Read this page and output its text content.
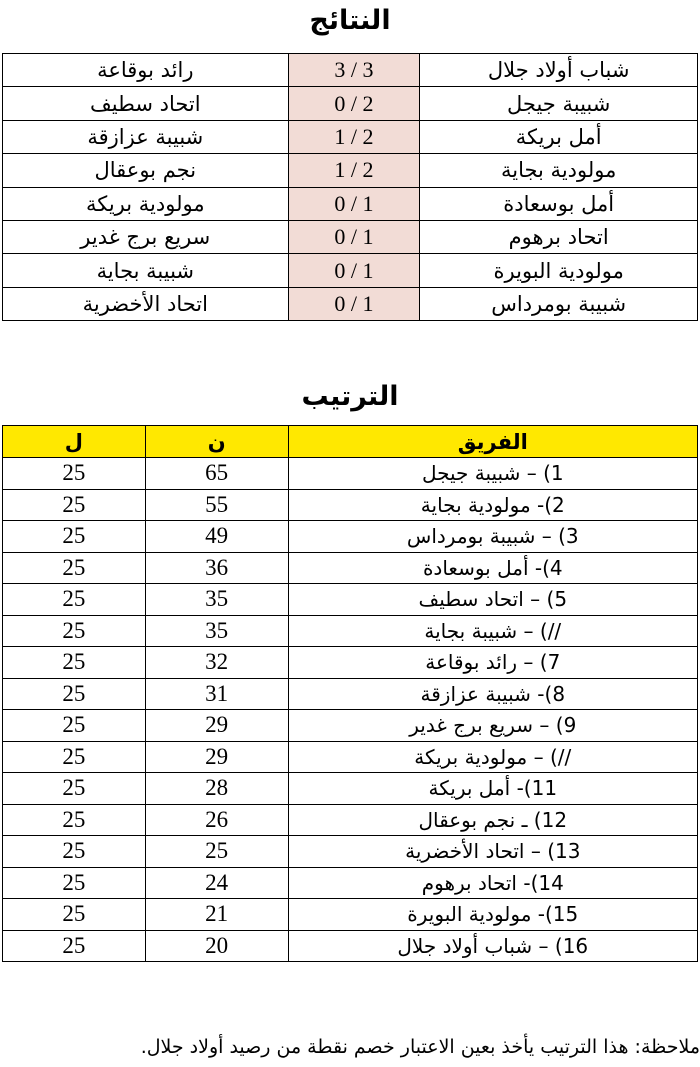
النتائج
رائد بوقاعة	3 / 3	شباب أولاد جلال
اتحاد سطيف	0 / 2	شبيبة جيجل
شبيبة عزازقة	1 / 2	أمل بريكة
نجم بوعقال	1 / 2	مولودية بجاية
مولودية بريكة	0 / 1	أمل بوسعادة
سريع برج غدير	0 / 1	اتحاد برهوم
شبيبة بجاية	0 / 1	مولودية البويرة
اتحاد الأخضرية	0 / 1	شبيبة بومرداس
الترتيب
ل	ن	الفريق
25	65	1) – شبيبة جيجل
25	55	2)- مولودية بجاية
25	49	3) – شبيبة بومرداس
25	36	4)- أمل بوسعادة
25	35	5) – اتحاد سطيف
25	35	//) – شبيبة بجاية
25	32	7) – رائد بوقاعة
25	31	8)- شبيبة عزازقة
25	29	9) – سريع برج غدير
25	29	//) – مولودية بريكة
25	28	11)- أمل بريكة
25	26	12) ـ نجم بوعقال
25	25	13) – اتحاد الأخضرية
25	24	14)- اتحاد برهوم
25	21	15)- مولودية البويرة
25	20	16) – شباب أولاد جلال
ملاحظة: هذا الترتيب يأخذ بعين الاعتبار خصم نقطة من رصيد أولاد جلال.
